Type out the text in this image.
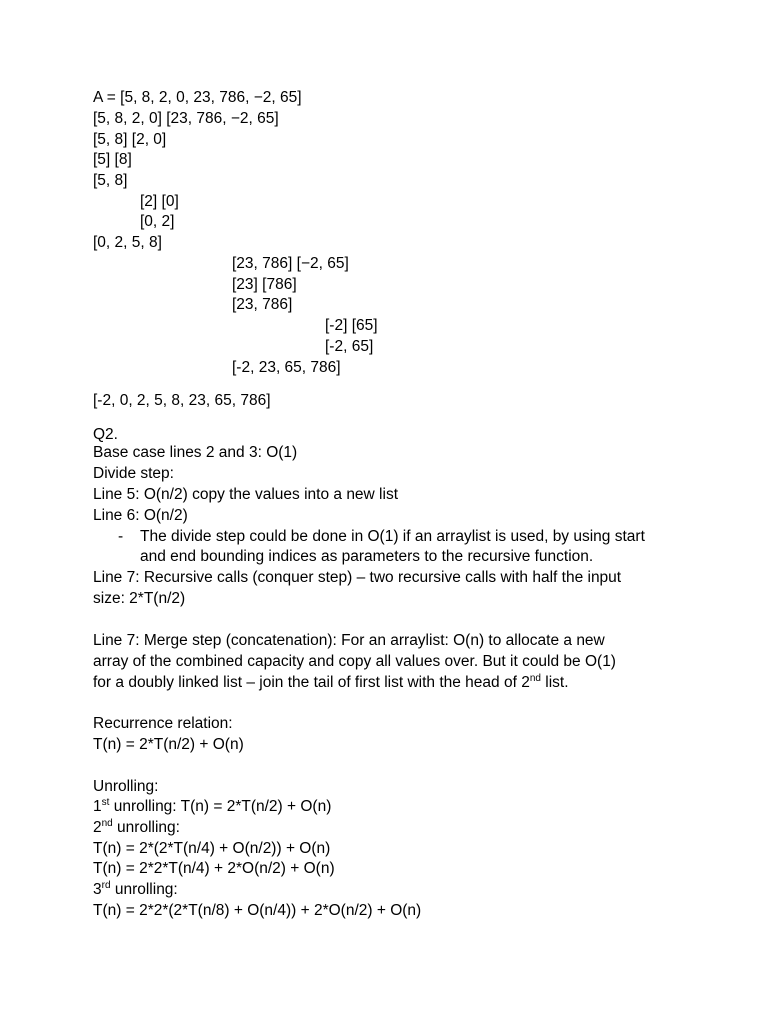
A = [5, 8, 2, 0, 23, 786, −2, 65]
[5, 8, 2, 0] [23, 786, −2, 65]
[5, 8] [2, 0]
[5] [8]
[5, 8]
[2] [0]
[0, 2]
[0, 2, 5, 8]
[23, 786] [−2, 65]
[23] [786]
[23, 786]
[-2] [65]
[-2, 65]
[-2, 23, 65, 786]
[-2, 0, 2, 5, 8, 23, 65, 786]
Q2.
Base case lines 2 and 3: O(1)
Divide step:
Line 5: O(n/2) copy the values into a new list
Line 6: O(n/2)
- The divide step could be done in O(1) if an arraylist is used, by using start
and end bounding indices as parameters to the recursive function.
Line 7: Recursive calls (conquer step) – two recursive calls with half the input
size: 2*T(n/2)
Line 7: Merge step (concatenation): For an arraylist: O(n) to allocate a new
array of the combined capacity and copy all values over. But it could be O(1)
for a doubly linked list – join the tail of first list with the head of 2nd list.
Recurrence relation:
T(n) = 2*T(n/2) + O(n)
Unrolling:
1st unrolling: T(n) = 2*T(n/2) + O(n)
2nd unrolling:
T(n) = 2*(2*T(n/4) + O(n/2)) + O(n)
T(n) = 2*2*T(n/4) + 2*O(n/2) + O(n)
3rd unrolling:
T(n) = 2*2*(2*T(n/8) + O(n/4)) + 2*O(n/2) + O(n)
